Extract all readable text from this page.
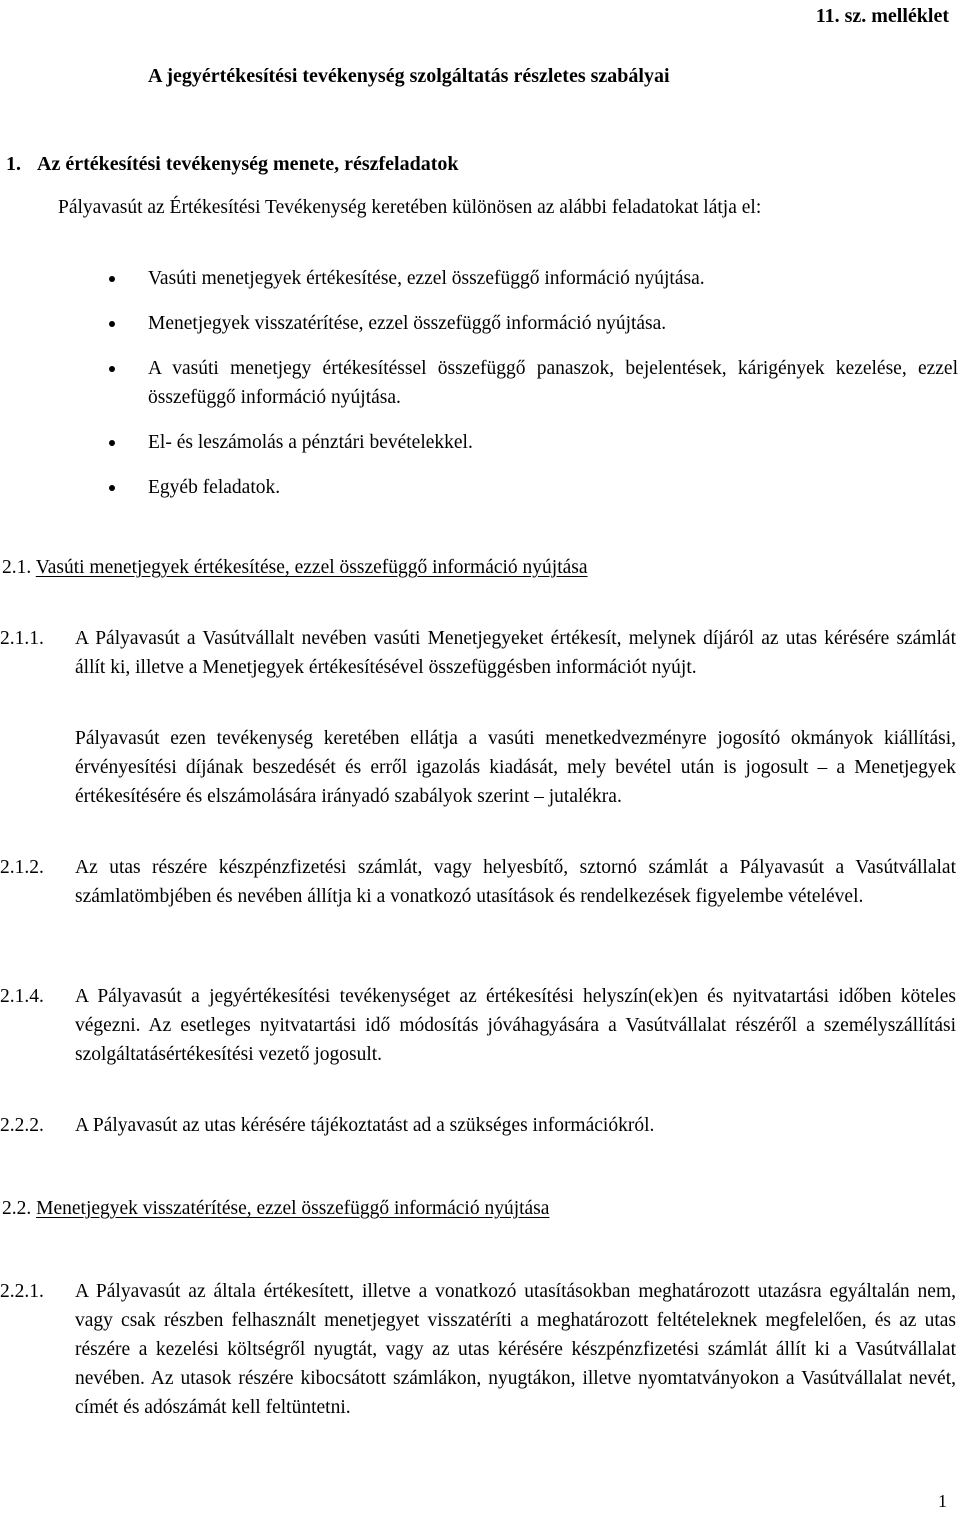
11. sz. melléklet
A jegyértékesítési tevékenység szolgáltatás részletes szabályai
1. Az értékesítési tevékenység menete, részfeladatok
Pályavasút az Értékesítési Tevékenység keretében különösen az alábbi feladatokat látja el:
Vasúti menetjegyek értékesítése, ezzel összefüggő információ nyújtása.
Menetjegyek visszatérítése, ezzel összefüggő információ nyújtása.
A vasúti menetjegy értékesítéssel összefüggő panaszok, bejelentések, kárigények kezelése, ezzel összefüggő információ nyújtása.
El- és leszámolás a pénztári bevételekkel.
Egyéb feladatok.
2.1. Vasúti menetjegyek értékesítése, ezzel összefüggő információ nyújtása
2.1.1. A Pályavasút a Vasútvállalt nevében vasúti Menetjegyeket értékesít, melynek díjáról az utas kérésére számlát állít ki, illetve a Menetjegyek értékesítésével összefüggésben információt nyújt.
Pályavasút ezen tevékenység keretében ellátja a vasúti menetkedvezményre jogosító okmányok kiállítási, érvényesítési díjának beszedését és erről igazolás kiadását, mely bevétel után is jogosult – a Menetjegyek értékesítésére és elszámolására irányadó szabályok szerint – jutalékra.
2.1.2. Az utas részére készpénzfizetési számlát, vagy helyesbítő, sztornó számlát a Pályavasút a Vasútvállalat számlatömbjében és nevében állítja ki a vonatkozó utasítások és rendelkezések figyelembe vételével.
2.1.4. A Pályavasút a jegyértékesítési tevékenységet az értékesítési helyszín(ek)en és nyitvatartási időben köteles végezni. Az esetleges nyitvatartási idő módosítás jóváhagyására a Vasútvállalat részéről a személyszállítási szolgáltatásértékesítési vezető jogosult.
2.2.2. A Pályavasút az utas kérésére tájékoztatást ad a szükséges információkról.
2.2. Menetjegyek visszatérítése, ezzel összefüggő információ nyújtása
2.2.1. A Pályavasút az általa értékesített, illetve a vonatkozó utasításokban meghatározott utazásra egyáltalán nem, vagy csak részben felhasznált menetjegyet visszatéríti a meghatározott feltételeknek megfelelően, és az utas részére a kezelési költségről nyugtát, vagy az utas kérésére készpénzfizetési számlát állít ki a Vasútvállalat nevében. Az utasok részére kibocsátott számlákon, nyugtákon, illetve nyomtatványokon a Vasútvállalat nevét, címét és adószámát kell feltüntetni.
1
